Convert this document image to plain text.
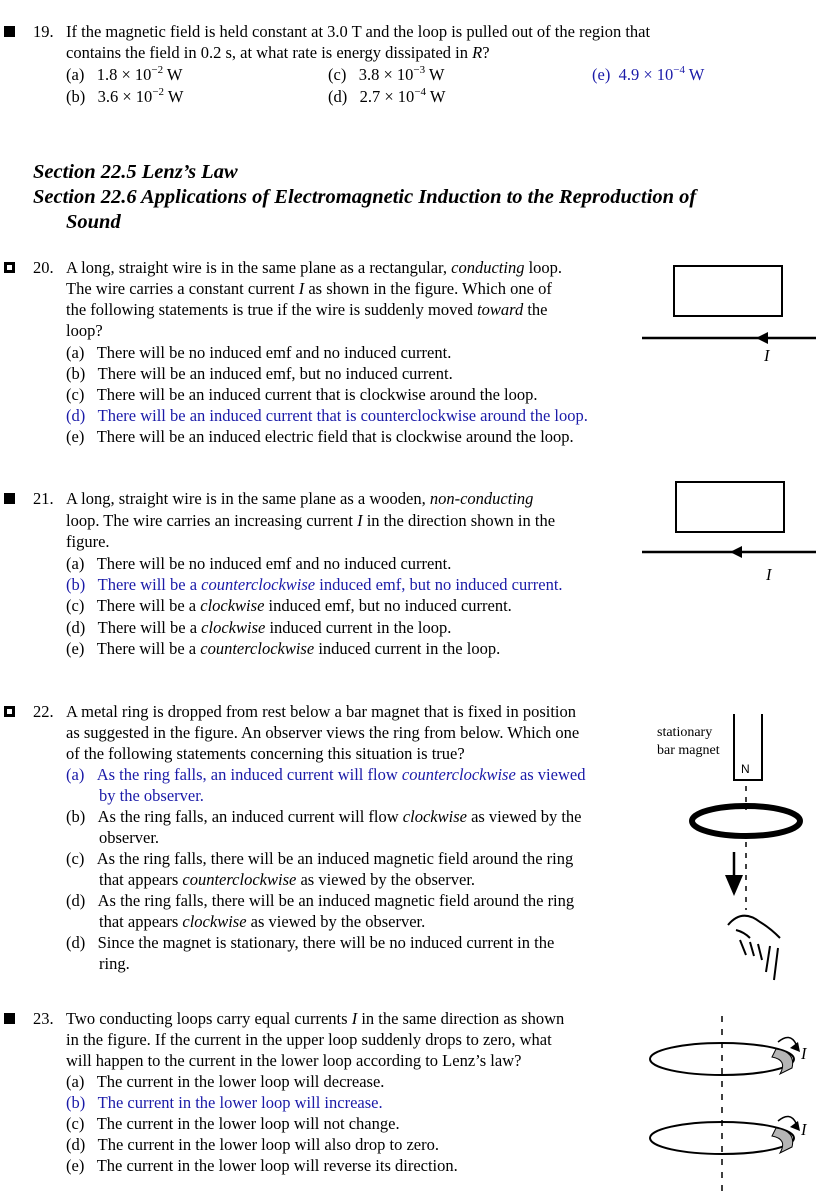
19. If the magnetic field is held constant at 3.0 T and the loop is pulled out of the region that
contains the field in 0.2 s, at what rate is energy dissipated in R?
(a) $1.8 \times 10^{-2}$ W
(b) $3.6 \times 10^{-2}$ W
(c) $3.8 \times 10^{-3}$ W
(d) $2.7 \times 10^{-4}$ W
(e) $4.9 \times 10^{-4}$ W
Section 22.5 Lenz’s Law
Section 22.6 Applications of Electromagnetic Induction to the Reproduction of
Sound
20. A long, straight wire is in the same plane as a rectangular, conducting loop.
The wire carries a constant current I as shown in the figure. Which one of
the following statements is true if the wire is suddenly moved toward the
loop?
(a) There will be no induced emf and no induced current.
(b) There will be an induced emf, but no induced current.
(c) There will be an induced current that is clockwise around the loop.
(d) There will be an induced current that is counterclockwise around the loop.
(e) There will be an induced electric field that is clockwise around the loop.
I
21. A long, straight wire is in the same plane as a wooden, non-conducting
loop. The wire carries an increasing current I in the direction shown in the
figure.
(a) There will be no induced emf and no induced current.
(b) There will be a counterclockwise induced emf, but no induced current.
(c) There will be a clockwise induced emf, but no induced current.
(d) There will be a clockwise induced current in the loop.
(e) There will be a counterclockwise induced current in the loop.
I
22. A metal ring is dropped from rest below a bar magnet that is fixed in position
as suggested in the figure. An observer views the ring from below. Which one
of the following statements concerning this situation is true?
(a) As the ring falls, an induced current will flow counterclockwise as viewed
by the observer.
(b) As the ring falls, an induced current will flow clockwise as viewed by the
observer.
(c) As the ring falls, there will be an induced magnetic field around the ring
that appears counterclockwise as viewed by the observer.
(d) As the ring falls, there will be an induced magnetic field around the ring
that appears clockwise as viewed by the observer.
(d) Since the magnet is stationary, there will be no induced current in the
ring.
stationary
bar magnet
N
23. Two conducting loops carry equal currents I in the same direction as shown
in the figure. If the current in the upper loop suddenly drops to zero, what
will happen to the current in the lower loop according to Lenz’s law?
(a) The current in the lower loop will decrease.
(b) The current in the lower loop will increase.
(c) The current in the lower loop will not change.
(d) The current in the lower loop will also drop to zero.
(e) The current in the lower loop will reverse its direction.
I
I
